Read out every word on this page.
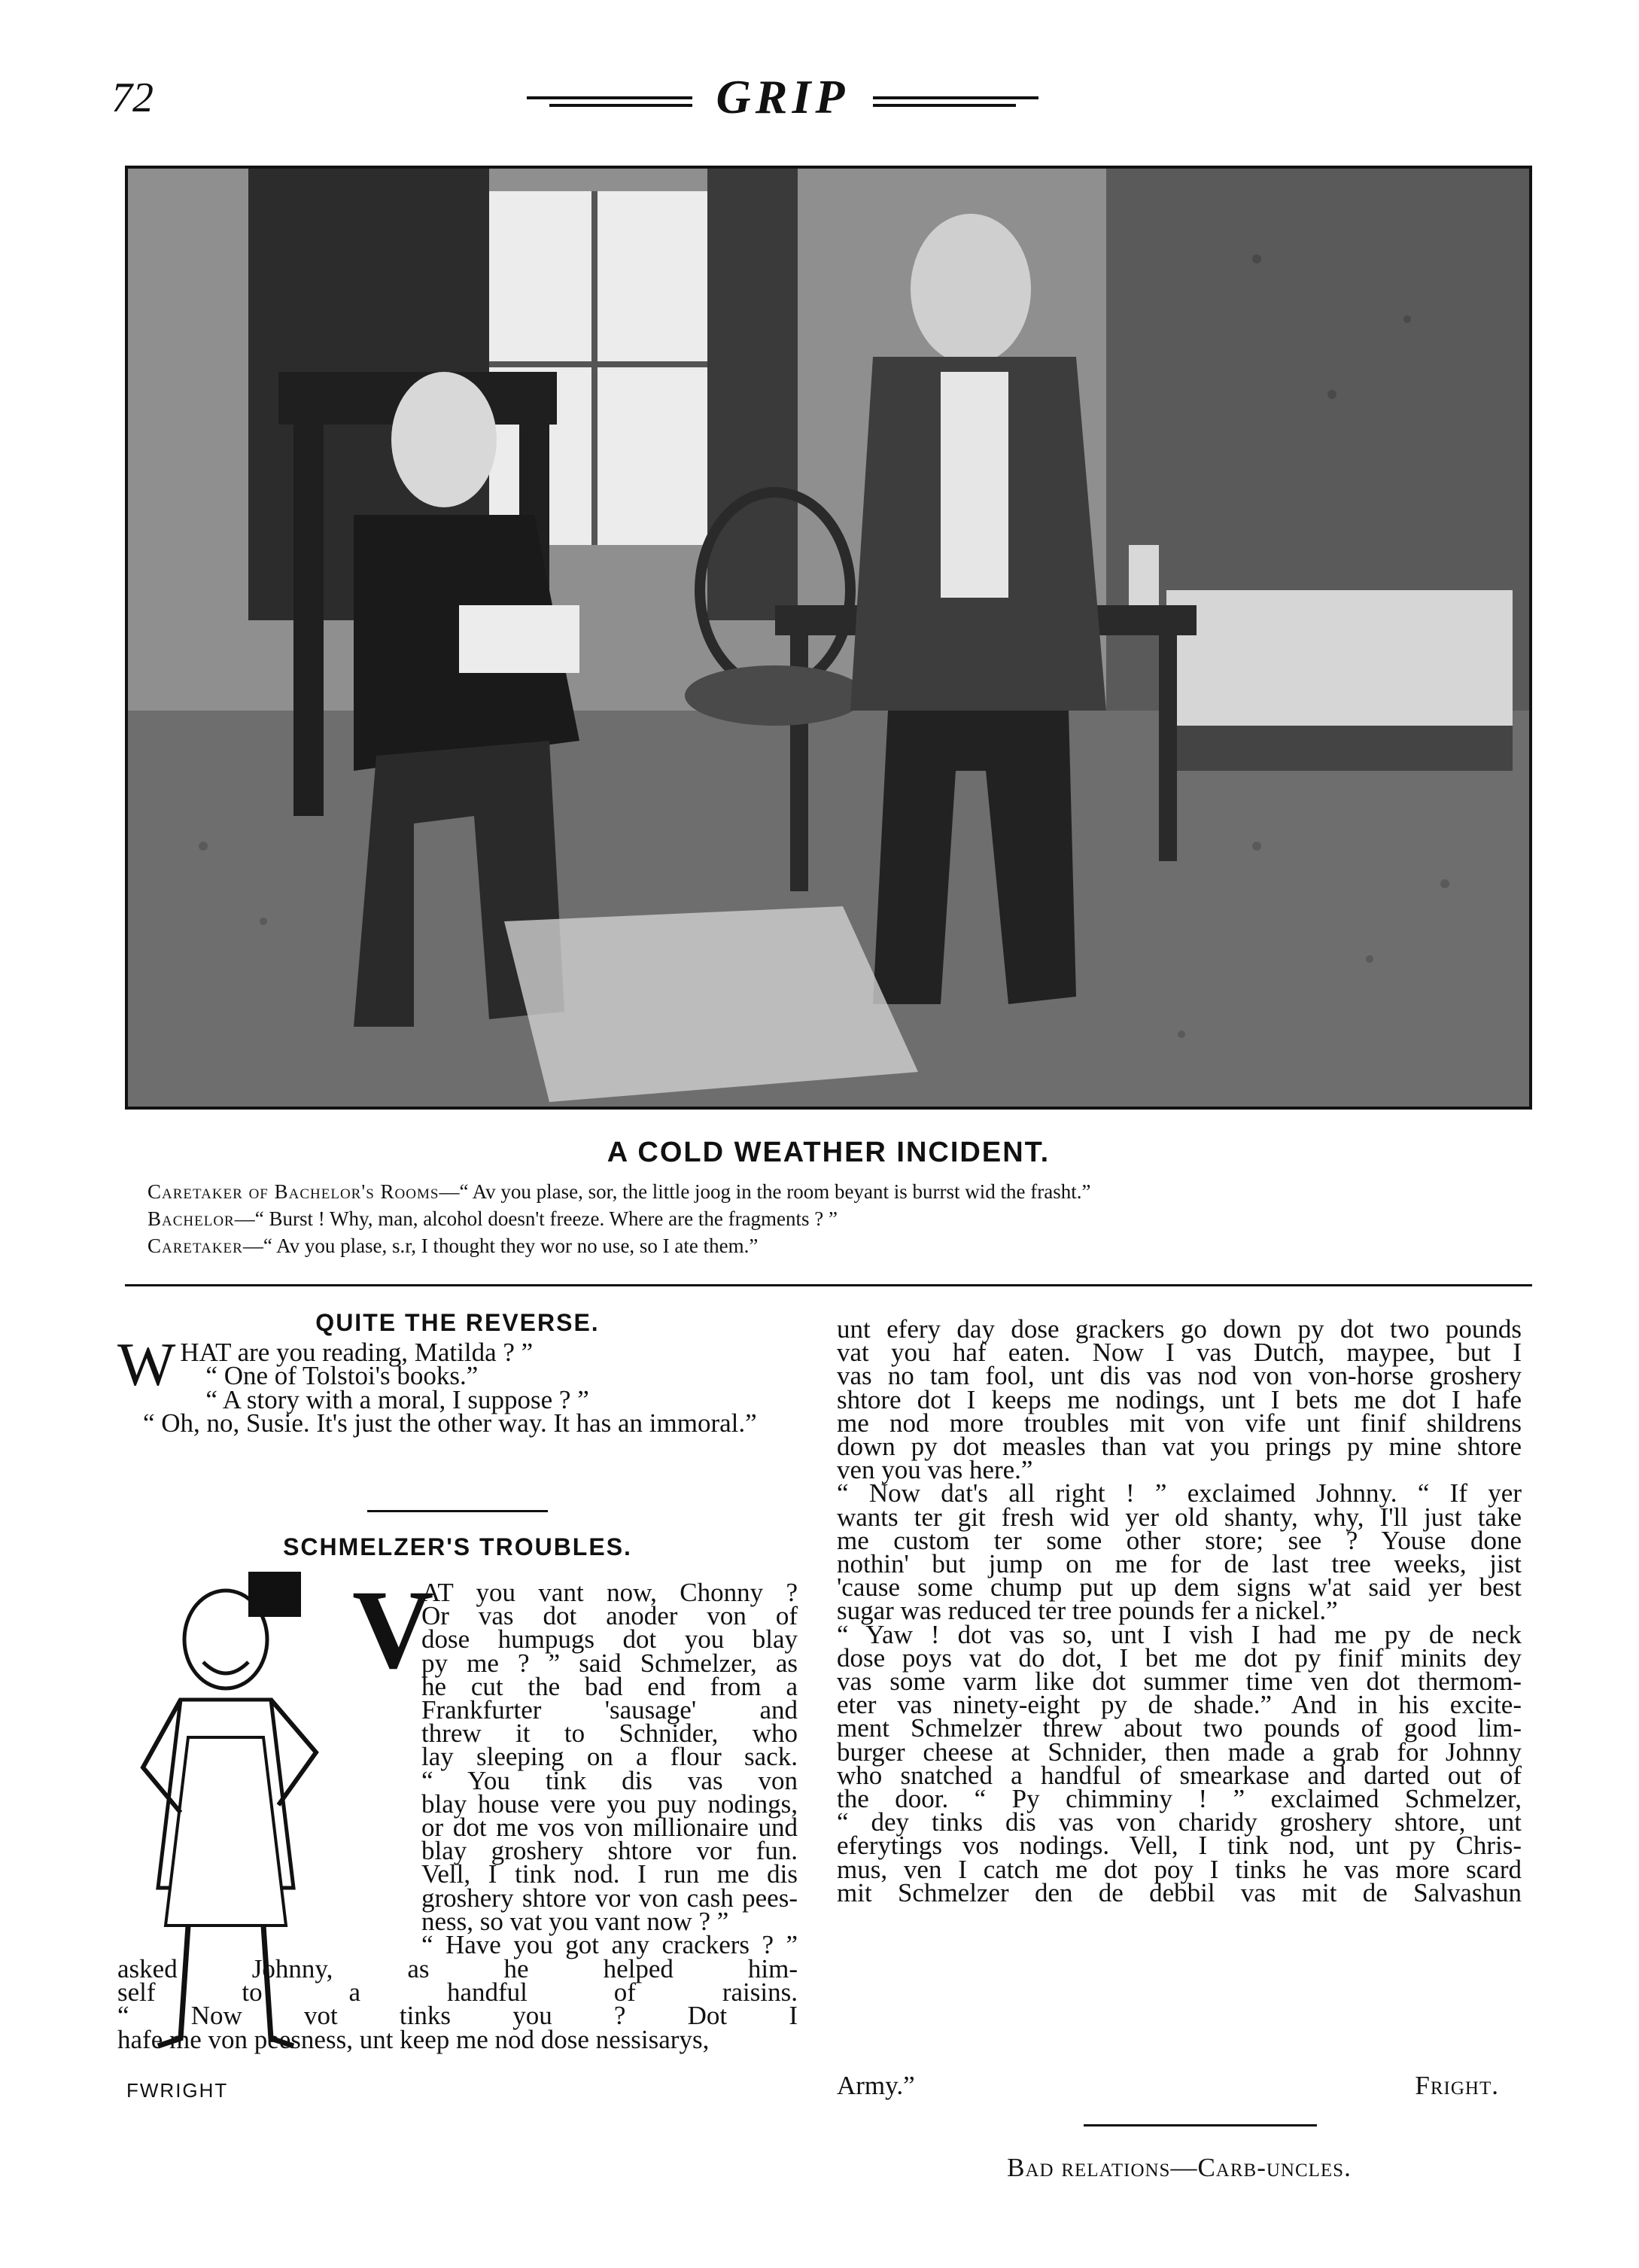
72	GRIP
A COLD WEATHER INCIDENT.
Caretaker of Bachelor's Rooms—“ Av you plase, sor, the little joog in the room beyant is burrst wid the frasht.”
Bachelor—“ Burst ! Why, man, alcohol doesn't freeze. Where are the fragments ? ”
Caretaker—“ Av you plase, s.r, I thought they wor no use, so I ate them.”
QUITE THE REVERSE.

WHAT are you reading, Matilda ? ”

“ One of Tolstoi's books.”

“ A story with a moral, I suppose ? ”

“ Oh, no, Susie. It's just the other way. It has an immoral.”

SCHMELZER'S TROUBLES.
FWRIGHT
V
AT you vant now, Chonny ?
Or vas dot anoder von of
dose humpugs dot you blay
py me ? ” said Schmelzer, as
he cut the bad end from a
Frankfurter 'sausage' and
threw it to Schnider, who
lay sleeping on a flour sack.
“ You tink dis vas von
blay house vere you puy nodings,
or dot me vos von millionaire und
blay groshery shtore vor fun.
Vell, I tink nod. I run me dis
groshery shtore vor von cash pees-
ness, so vat you vant now ? ”
“ Have you got any crackers ? ”
asked Johnny, as he helped him-
self to a handful of raisins.
“ Now vot tinks you ? Dot I
hafe me von peesness, unt keep me nod dose nessisarys,
unt efery day dose grackers go down py dot two pounds
vat you haf eaten. Now I vas Dutch, maypee, but I
vas no tam fool, unt dis vas nod von von-horse groshery
shtore dot I keeps me nodings, unt I bets me dot I hafe
me nod more troubles mit von vife unt finif shildrens
down py dot measles than vat you prings py mine shtore
ven you vas here.”
“ Now dat's all right ! ” exclaimed Johnny. “ If yer
wants ter git fresh wid yer old shanty, why, I'll just take
me custom ter some other store; see ? Youse done
nothin' but jump on me for de last tree weeks, jist
'cause some chump put up dem signs w'at said yer best
sugar was reduced ter tree pounds fer a nickel.”
“ Yaw ! dot vas so, unt I vish I had me py de neck
dose poys vat do dot, I bet me dot py finif minits dey
vas some varm like dot summer time ven dot thermom-
eter vas ninety-eight py de shade.” And in his excite-
ment Schmelzer threw about two pounds of good lim-
burger cheese at Schnider, then made a grab for Johnny
who snatched a handful of smearkase and darted out of
the door. “ Py chimminy ! ” exclaimed Schmelzer,
“ dey tinks dis vas von charidy groshery shtore, unt
eferytings vos nodings. Vell, I tink nod, unt py Chris-
mus, ven I catch me dot poy I tinks he vas more scard
mit Schmelzer den de debbil vas mit de Salvashun
Army.”	Fright.
Bad relations—Carb-uncles.
